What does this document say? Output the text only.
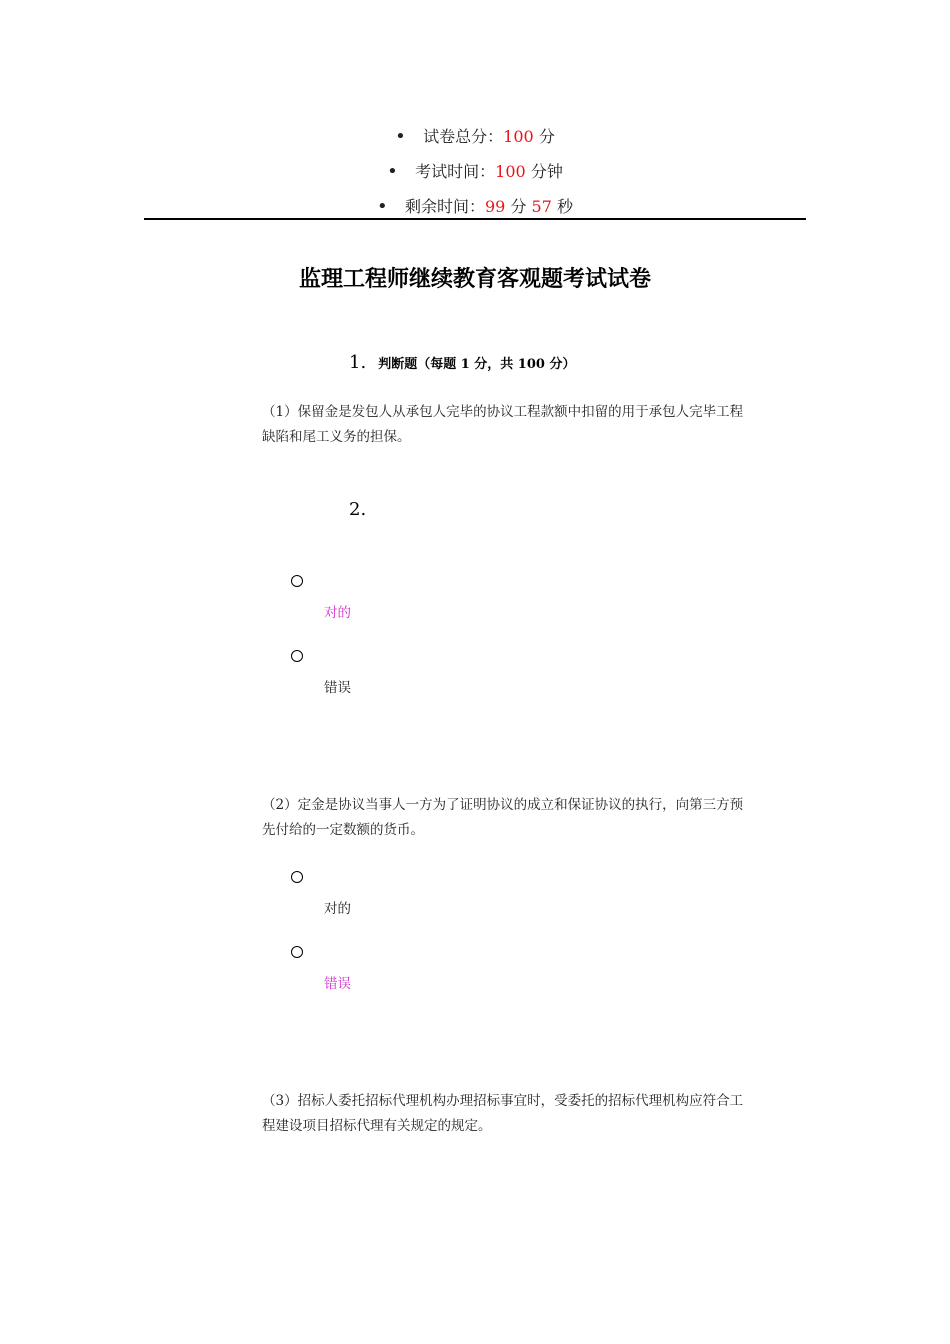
• 试卷总分：100 分
• 考试时间：100 分钟
• 剩余时间：99 分 57 秒
监理工程师继续教育客观题考试试卷
1. 判断题（每题 1 分，共 100 分）
（1）保留金是发包人从承包人完毕的协议工程款额中扣留的用于承包人完毕工程缺陷和尾工义务的担保。
2.
对的
错误
（2）定金是协议当事人一方为了证明协议的成立和保证协议的执行，向第三方预先付给的一定数额的货币。
对的
错误
（3）招标人委托招标代理机构办理招标事宜时，受委托的招标代理机构应符合工程建设项目招标代理有关规定的规定。
